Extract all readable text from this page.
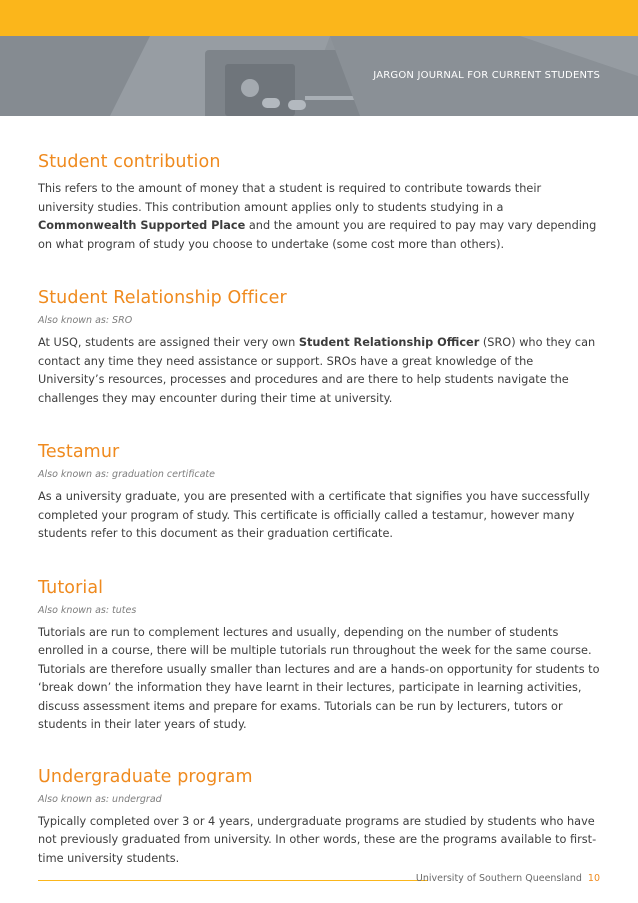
JARGON JOURNAL FOR CURRENT STUDENTS
Student contribution

This refers to the amount of money that a student is required to contribute towards their university studies. This contribution amount applies only to students studying in a Commonwealth Supported Place and the amount you are required to pay may vary depending on what program of study you choose to undertake (some cost more than others).

Student Relationship Officer

Also known as: SRO

At USQ, students are assigned their very own Student Relationship Officer (SRO) who they can contact any time they need assistance or support. SROs have a great knowledge of the University’s resources, processes and procedures and are there to help students navigate the challenges they may encounter during their time at university.

Testamur

Also known as: graduation certificate

As a university graduate, you are presented with a certificate that signifies you have successfully completed your program of study. This certificate is officially called a testamur, however many students refer to this document as their graduation certificate.

Tutorial

Also known as: tutes

Tutorials are run to complement lectures and usually, depending on the number of students enrolled in a course, there will be multiple tutorials run throughout the week for the same course. Tutorials are therefore usually smaller than lectures and are a hands-on opportunity for students to ‘break down’ the information they have learnt in their lectures, participate in learning activities, discuss assessment items and prepare for exams. Tutorials can be run by lecturers, tutors or students in their later years of study.

Undergraduate program

Also known as: undergrad

Typically completed over 3 or 4 years, undergraduate programs are studied by students who have not previously graduated from university. In other words, these are the programs available to first-time university students.

University of Southern Queensland 10
